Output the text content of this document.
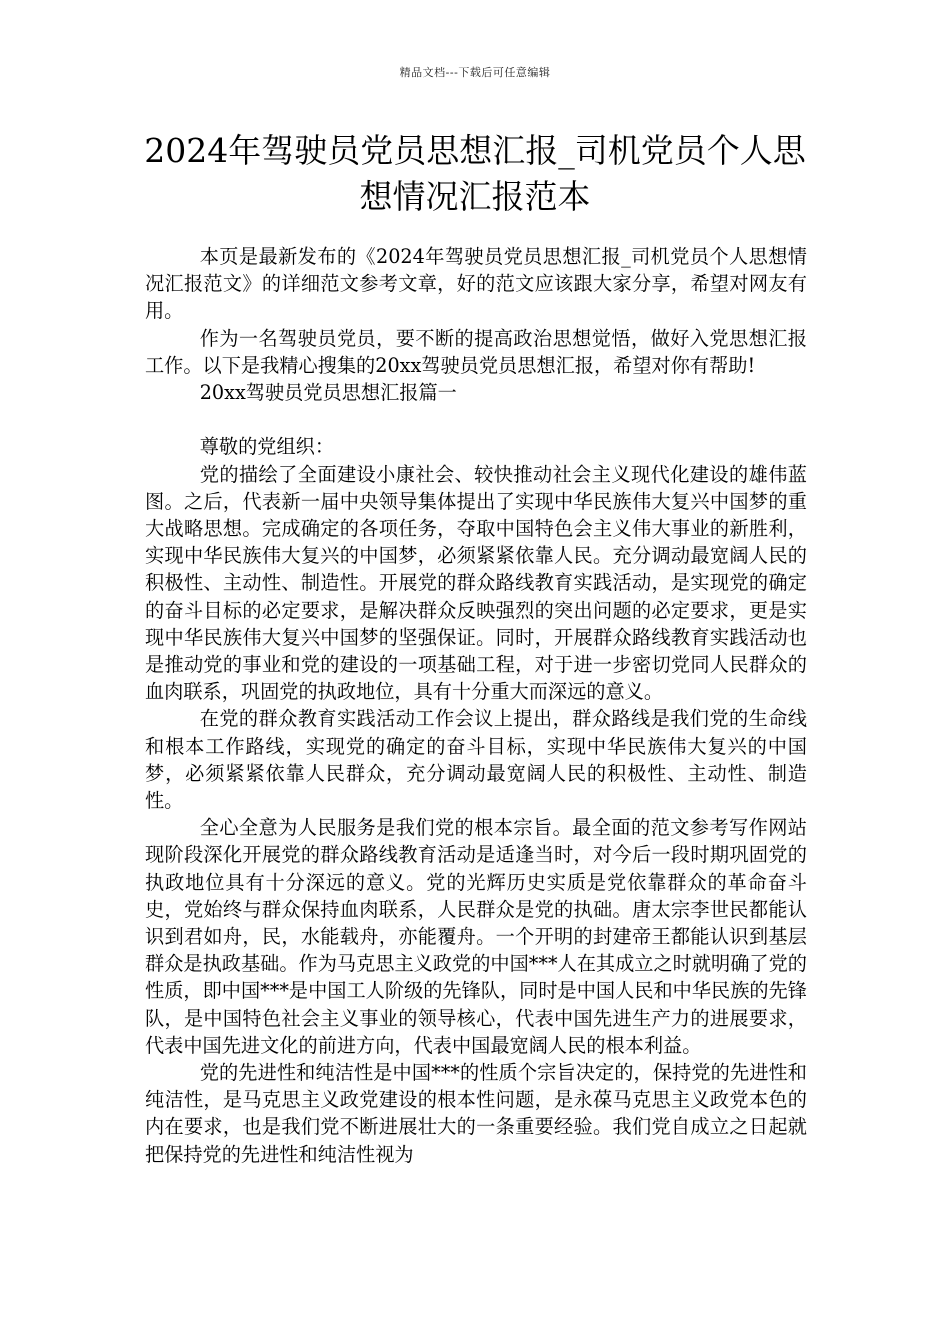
精品文档---下载后可任意编辑
2024年驾驶员党员思想汇报_司机党员个人思想情况汇报范本

本页是最新发布的《2024年驾驶员党员思想汇报_司机党员个人思想情况汇报范文》的详细范文参考文章，好的范文应该跟大家分享，希望对网友有用。

作为一名驾驶员党员，要不断的提高政治思想觉悟，做好入党思想汇报工作。以下是我精心搜集的20xx驾驶员党员思想汇报，希望对你有帮助!

20xx驾驶员党员思想汇报篇一

尊敬的党组织：

党的描绘了全面建设小康社会、较快推动社会主义现代化建设的雄伟蓝图。之后，代表新一届中央领导集体提出了实现中华民族伟大复兴中国梦的重大战略思想。完成确定的各项任务，夺取中国特色会主义伟大事业的新胜利，实现中华民族伟大复兴的中国梦，必须紧紧依靠人民。充分调动最宽阔人民的积极性、主动性、制造性。开展党的群众路线教育实践活动，是实现党的确定的奋斗目标的必定要求，是解决群众反映强烈的突出问题的必定要求，更是实现中华民族伟大复兴中国梦的坚强保证。同时，开展群众路线教育实践活动也是推动党的事业和党的建设的一项基础工程，对于进一步密切党同人民群众的血肉联系，巩固党的执政地位，具有十分重大而深远的意义。

在党的群众教育实践活动工作会议上提出，群众路线是我们党的生命线和根本工作路线，实现党的确定的奋斗目标，实现中华民族伟大复兴的中国梦，必须紧紧依靠人民群众，充分调动最宽阔人民的积极性、主动性、制造性。

全心全意为人民服务是我们党的根本宗旨。最全面的范文参考写作网站现阶段深化开展党的群众路线教育活动是适逢当时，对今后一段时期巩固党的执政地位具有十分深远的意义。党的光辉历史实质是党依靠群众的革命奋斗史，党始终与群众保持血肉联系，人民群众是党的执础。唐太宗李世民都能认识到君如舟，民，水能载舟，亦能覆舟。一个开明的封建帝王都能认识到基层群众是执政基础。作为马克思主义政党的中国***人在其成立之时就明确了党的性质，即中国***是中国工人阶级的先锋队，同时是中国人民和中华民族的先锋队，是中国特色社会主义事业的领导核心，代表中国先进生产力的进展要求，代表中国先进文化的前进方向，代表中国最宽阔人民的根本利益。

党的先进性和纯洁性是中国***的性质个宗旨决定的，保持党的先进性和纯洁性，是马克思主义政党建设的根本性问题，是永葆马克思主义政党本色的内在要求，也是我们党不断进展壮大的一条重要经验。我们党自成立之日起就把保持党的先进性和纯洁性视为
